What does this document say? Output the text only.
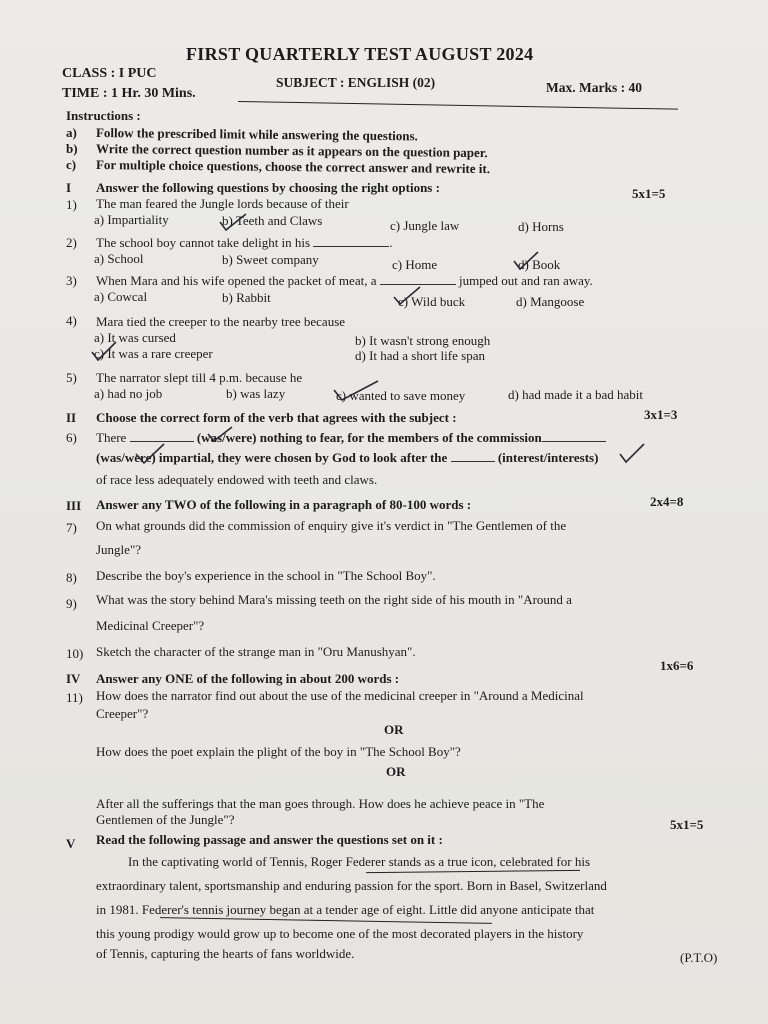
FIRST QUARTERLY TEST AUGUST 2024
CLASS : I PUC
SUBJECT : ENGLISH (02)	Max. Marks : 40
TIME : 1 Hr. 30 Mins.
Instructions :
a) Follow the prescribed limit while answering the questions.
b) Write the correct question number as it appears on the question paper.
c) For multiple choice questions, choose the correct answer and rewrite it.
I Answer the following questions by choosing the right options :	5x1=5
1) The man feared the Jungle lords because of their
a) Impartiality	b) Teeth and Claws	c) Jungle law	d) Horns
2) The school boy cannot take delight in his	.
a) School	b) Sweet company	c) Home	d) Book
3) When Mara and his wife opened the packet of meat, a	jumped out and ran away.
a) Cowcal	b) Rabbit	c) Wild buck	d) Mangoose
4) Mara tied the creeper to the nearby tree because
a) It was cursed	b) It wasn't strong enough
c) It was a rare creeper	d) It had a short life span
5) The narrator slept till 4 p.m. because he
a) had no job	b) was lazy	c) wanted to save money	d) had made it a bad habit
II Choose the correct form of the verb that agrees with the subject :	3x1=3
6) There	(was/were) nothing to fear, for the members of the commission
(was/were) impartial, they were chosen by God to look after the	(interest/interests)
of race less adequately endowed with teeth and claws.
III Answer any TWO of the following in a paragraph of 80-100 words :	2x4=8
7) On what grounds did the commission of enquiry give it's verdict in "The Gentlemen of the
Jungle"?
8) Describe the boy's experience in the school in "The School Boy".
9) What was the story behind Mara's missing teeth on the right side of his mouth in "Around a
Medicinal Creeper"?
10) Sketch the character of the strange man in "Oru Manushyan".
IV Answer any ONE of the following in about 200 words :
1x6=6
11) How does the narrator find out about the use of the medicinal creeper in "Around a Medicinal
Creeper"?
OR
How does the poet explain the plight of the boy in "The School Boy"?
OR
After all the sufferings that the man goes through. How does he achieve peace in "The
Gentlemen of the Jungle"?
V Read the following passage and answer the questions set on it :
5x1=5
In the captivating world of Tennis, Roger Federer stands as a true icon, celebrated for his
extraordinary talent, sportsmanship and enduring passion for the sport. Born in Basel, Switzerland
in 1981. Federer's tennis journey began at a tender age of eight. Little did anyone anticipate that
this young prodigy would grow up to become one of the most decorated players in the history
of Tennis, capturing the hearts of fans worldwide.	(P.T.O)
